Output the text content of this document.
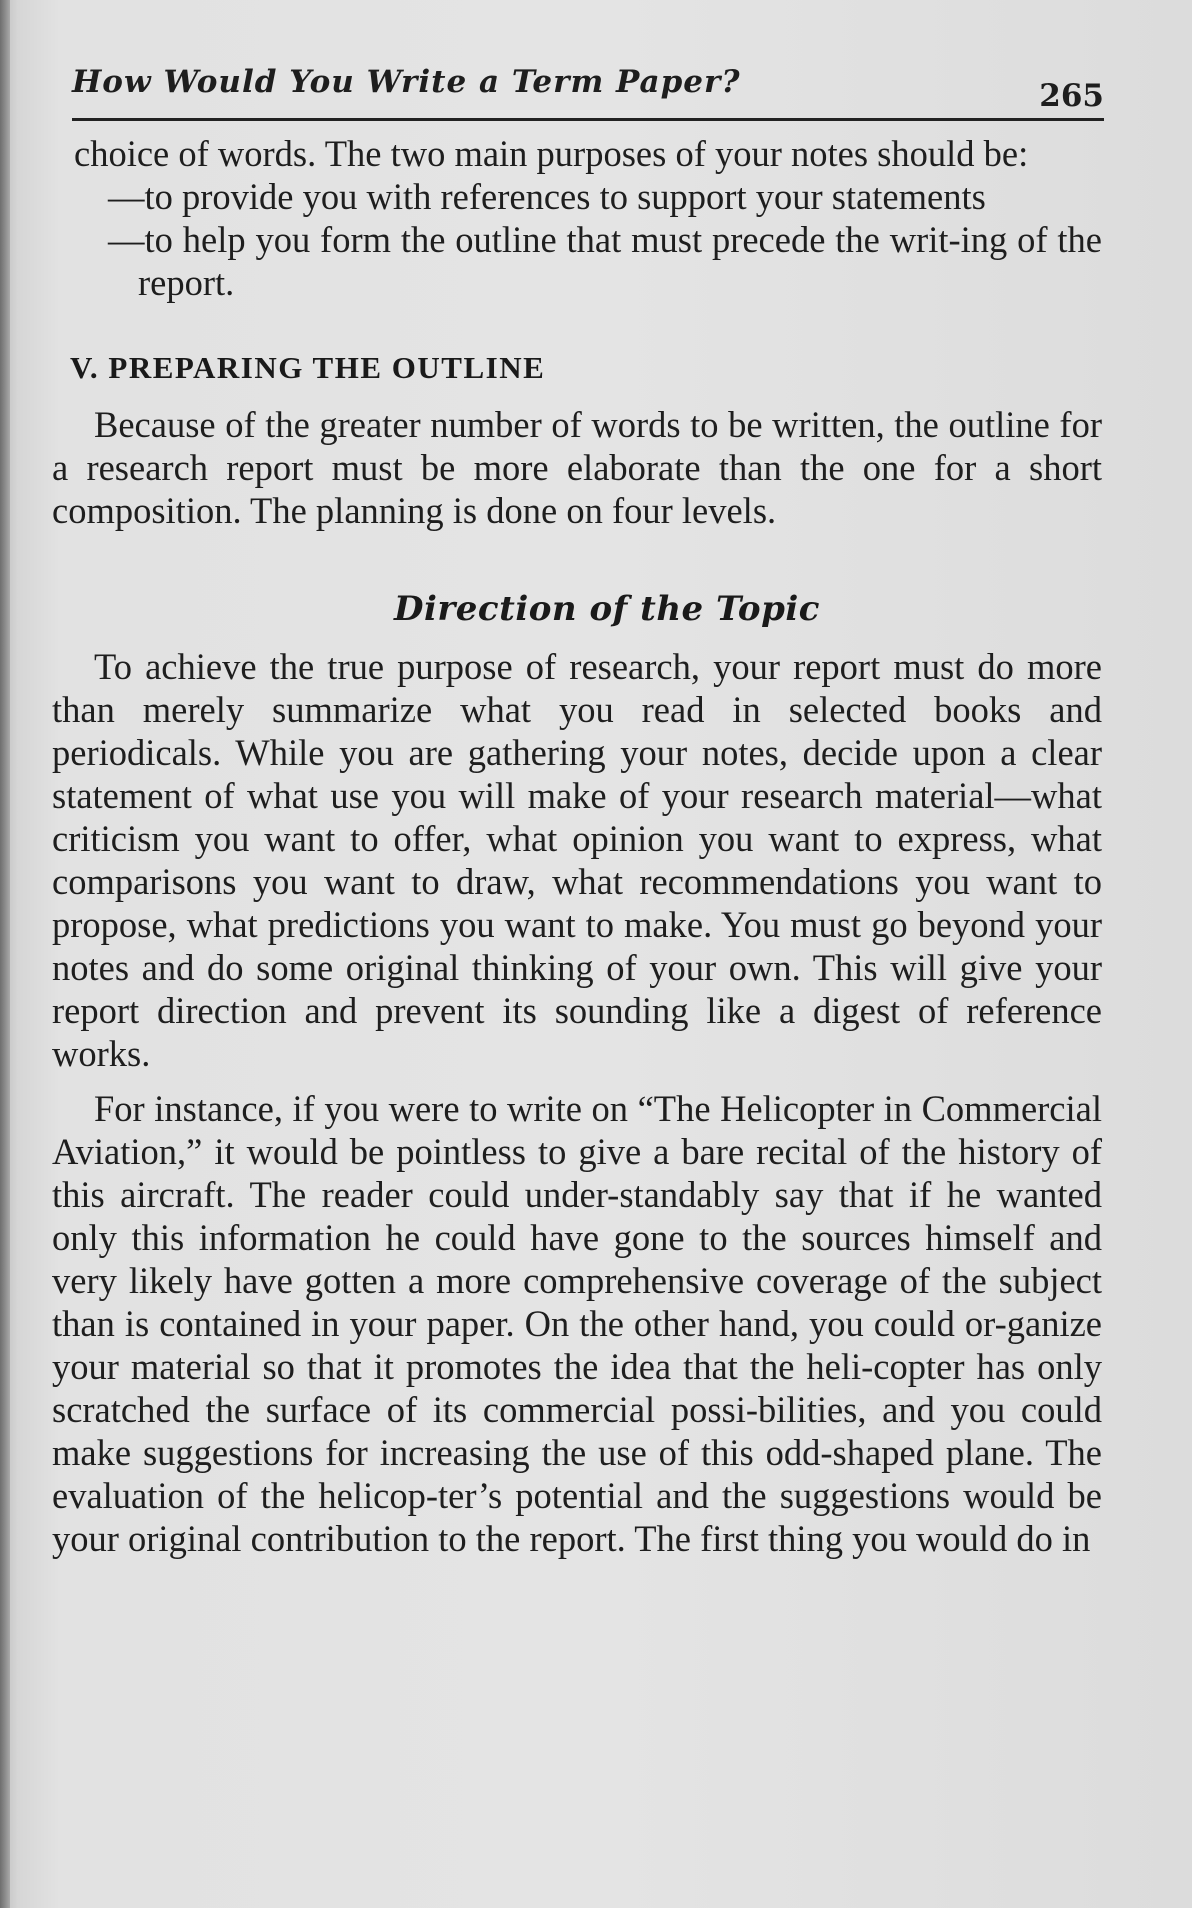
How Would You Write a Term Paper?	265

choice of words. The two main purposes of your notes should be:

—to provide you with references to support your statements

—to help you form the outline that must precede the writ-ing of the report.

V. PREPARING THE OUTLINE

Because of the greater number of words to be written, the outline for a research report must be more elaborate than the one for a short composition. The planning is done on four levels.

Direction of the Topic

To achieve the true purpose of research, your report must do more than merely summarize what you read in selected books and periodicals. While you are gathering your notes, decide upon a clear statement of what use you will make of your research material—what criticism you want to offer, what opinion you want to express, what comparisons you want to draw, what recommendations you want to propose, what predictions you want to make. You must go beyond your notes and do some original thinking of your own. This will give your report direction and prevent its sounding like a digest of reference works.

For instance, if you were to write on “The Helicopter in Commercial Aviation,” it would be pointless to give a bare recital of the history of this aircraft. The reader could under-standably say that if he wanted only this information he could have gone to the sources himself and very likely have gotten a more comprehensive coverage of the subject than is contained in your paper. On the other hand, you could or-ganize your material so that it promotes the idea that the heli-copter has only scratched the surface of its commercial possi-bilities, and you could make suggestions for increasing the use of this odd-shaped plane. The evaluation of the helicop-ter’s potential and the suggestions would be your original contribution to the report. The first thing you would do in
